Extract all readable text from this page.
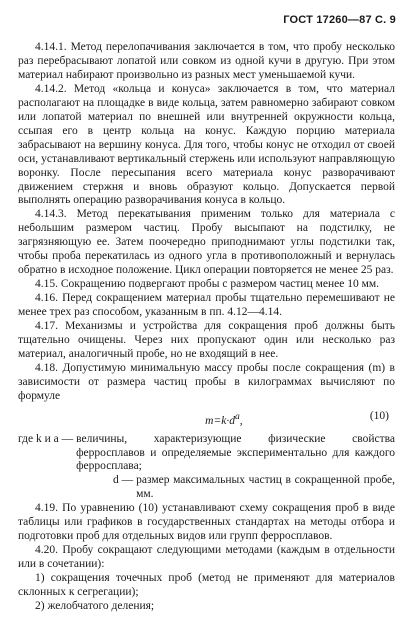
ГОСТ 17260—87 С. 9

4.14.1. Метод перелопачивания заключается в том, что пробу несколько раз перебрасывают лопатой или совком из одной кучи в другую. При этом материал набирают произвольно из разных мест уменьшаемой кучи.

4.14.2. Метод «кольца и конуса» заключается в том, что материал располагают на площадке в виде кольца, затем равномерно забирают совком или лопатой материал по внешней или внутренней окружности кольца, ссыпая его в центр кольца на конус. Каждую порцию материала забрасывают на вершину конуса. Для того, чтобы конус не отходил от своей оси, устанавливают вертикальный стержень или используют направляющую воронку. После пересыпания всего материала конус разворачивают движением стержня и вновь образуют кольцо. Допускается первой выполнять операцию разворачивания конуса в кольцо.

4.14.3. Метод перекатывания применим только для материала с небольшим размером частиц. Пробу высыпают на подстилку, не загрязняющую ее. Затем поочередно приподнимают углы подстилки так, чтобы проба перекатилась из одного угла в противоположный и вернулась обратно в исходное положение. Цикл операции повторяется не менее 25 раз.

4.15. Сокращению подвергают пробы с размером частиц менее 10 мм.

4.16. Перед сокращением материал пробы тщательно перемешивают не менее трех раз способом, указанным в пп. 4.12—4.14.

4.17. Механизмы и устройства для сокращения проб должны быть тщательно очищены. Через них пропускают один или несколько раз материал, аналогичный пробе, но не входящий в нее.

4.18. Допустимую минимальную массу пробы после сокращения (m) в зависимости от размера частиц пробы в килограммах вычисляют по формуле

$m=k\cdot d^a$,	(10)
где k и a — величины, характеризующие физические свойства ферросплавов и определяемые экспериментально для каждого ферросплава;
d — размер максимальных частиц в сокращенной пробе, мм.

4.19. По уравнению (10) устанавливают схему сокращения проб в виде таблицы или графиков в государственных стандартах на методы отбора и подготовки проб для отдельных видов или групп ферросплавов.

4.20. Пробу сокращают следующими методами (каждым в отдельности или в сочетании):

1) сокращения точечных проб (метод не применяют для материалов склонных к сегрегации);

2) желобчатого деления;
